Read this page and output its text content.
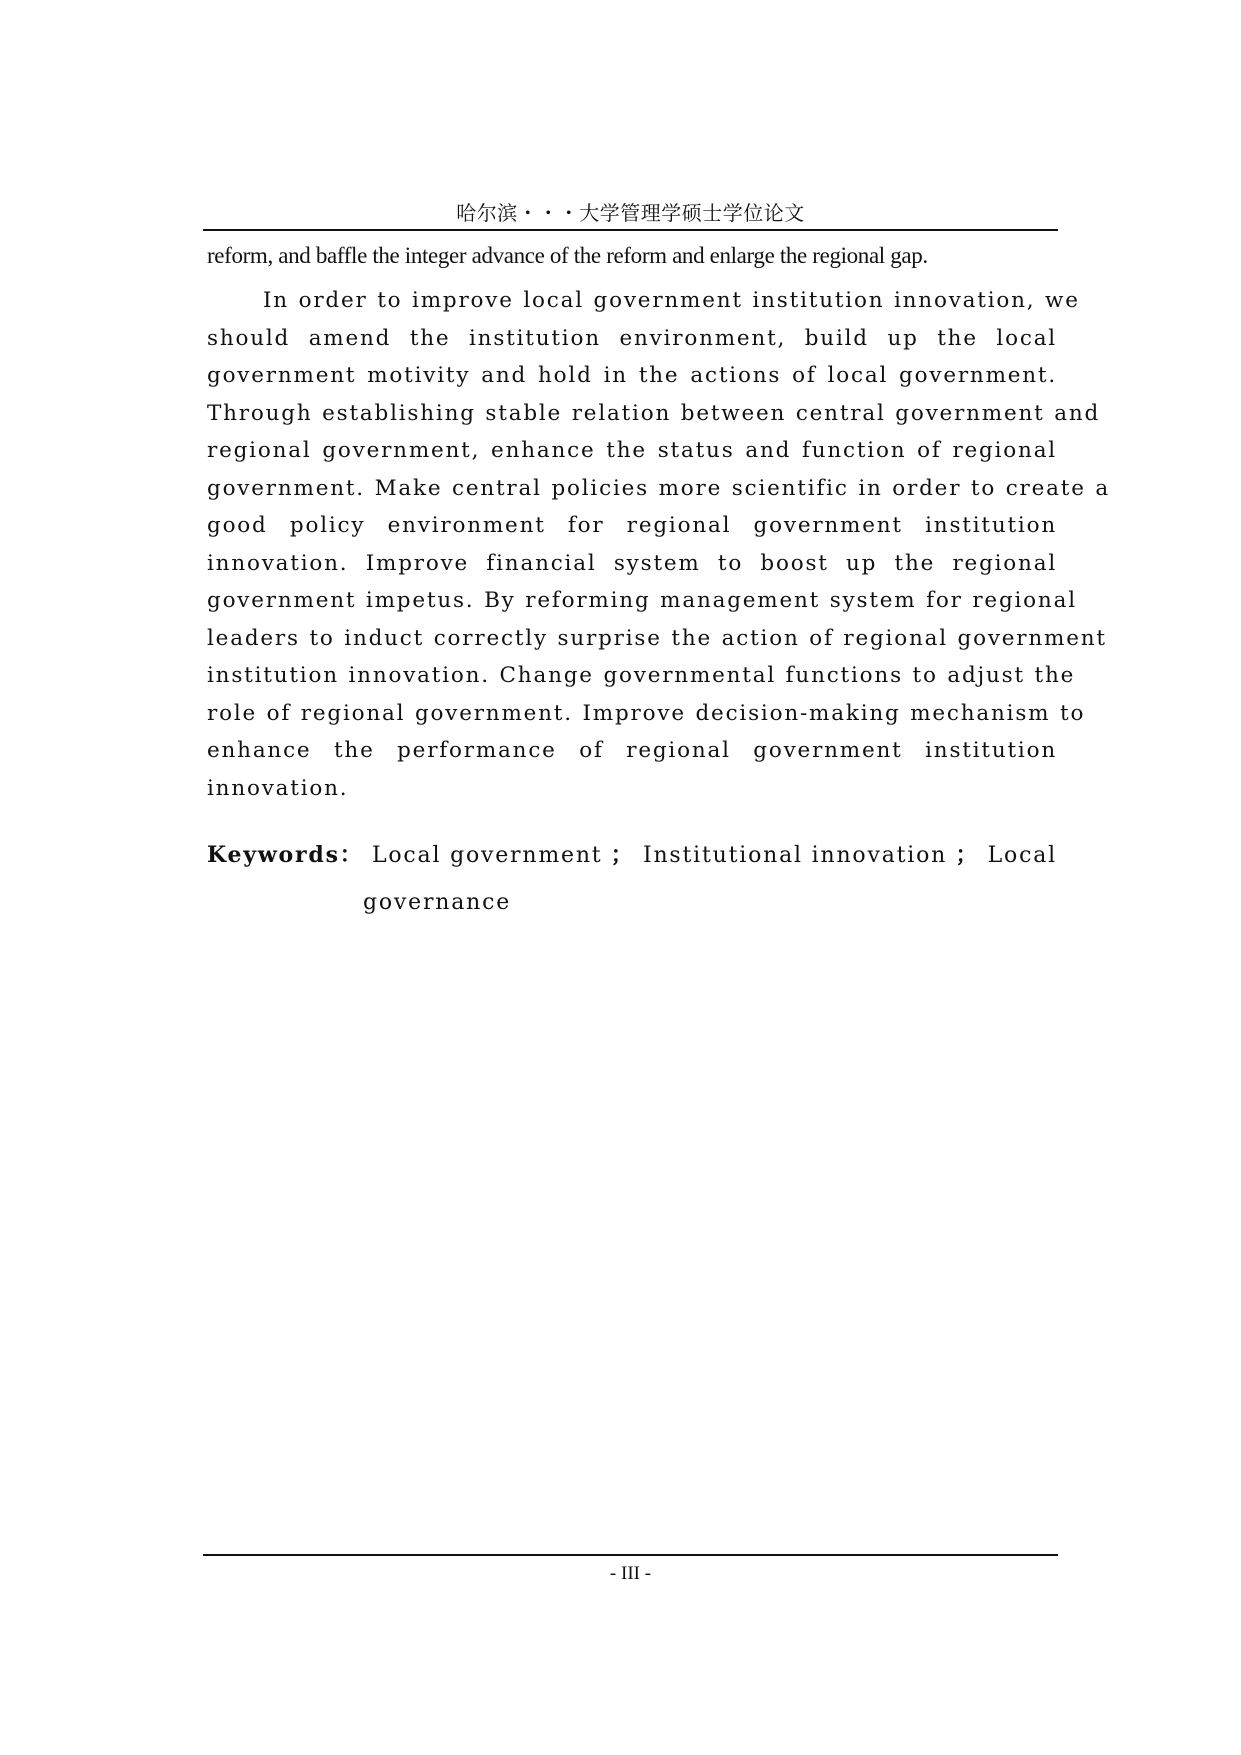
哈尔滨・・・大学管理学硕士学位论文
reform, and baffle the integer advance of the reform and enlarge the regional gap.
In order to improve local government institution innovation, we
should amend the institution environment, build up the local
government motivity and hold in the actions of local government.
Through establishing stable relation between central government and
regional government, enhance the status and function of regional
government. Make central policies more scientific in order to create a
good policy environment for regional government institution
innovation. Improve financial system to boost up the regional
government impetus. By reforming management system for regional
leaders to induct correctly surprise the action of regional government
institution innovation. Change governmental functions to adjust the
role of regional government. Improve decision-making mechanism to
enhance the performance of regional government institution
innovation.
Keywords： Local government ； Institutional innovation ； Local
governance
- III -
